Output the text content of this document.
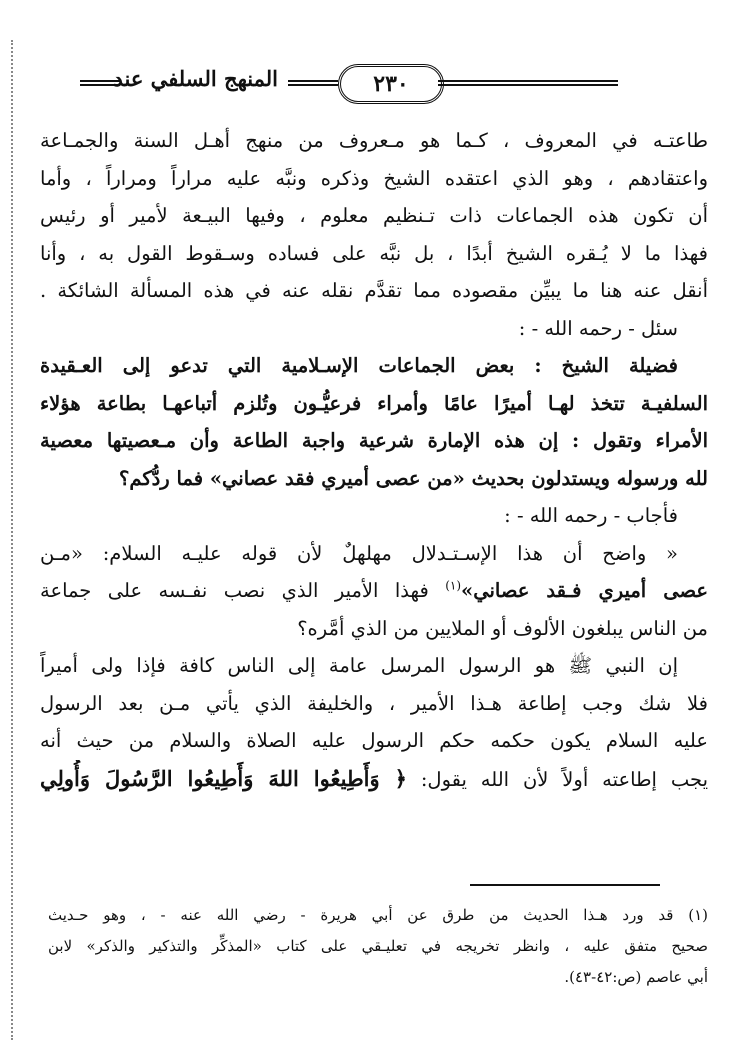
المنهج السلفي عند	٢٣٠
طاعتـه في المعروف ، كـما هو مـعروف من منهج أهـل السنة والجمـاعة
واعتقادهم ، وهو الذي اعتقده الشيخ وذكره ونبَّه عليه مراراً ومراراً ، وأما
أن تكون هذه الجماعات ذات تـنظيم معلوم ، وفيها البيـعة لأمير أو رئيس
فهذا ما لا يُـقره الشيخ أبدًا ، بل نبَّه على فساده وسـقوط القول به ، وأنا
أنقل عنه هنا ما يبيِّن مقصوده مما تقدَّم نقله عنه في هذه المسألة الشائكة .
سئل - رحمه الله - :
فضيلة الشيخ : بعض الجماعات الإسـلامية التي تدعو إلى العـقيدة
السلفيـة تتخذ لهـا أميرًا عامًا وأمراء فرعيُّـون وتُلزم أتباعهـا بطاعة هؤلاء
الأمراء وتقول : إن هذه الإمارة شرعية واجبة الطاعة وأن مـعصيتها معصية
لله ورسوله ويستدلون بحديث «من عصى أميري فقد عصاني» فما ردُّكم؟
فأجاب - رحمه الله - :
« واضح أن هذا الإسـتـدلال مهلهلٌ لأن قوله عليـه السلام: «مـن
عصى أميري فـقد عصاني»$^{(١)}$ فهذا الأمير الذي نصب نفـسه على جماعة
من الناس يبلغون الألوف أو الملايين من الذي أمَّره؟
إن النبي ﷺ هو الرسول المرسل عامة إلى الناس كافة فإذا ولى أميراً
فلا شك وجب إطاعة هـذا الأمير ، والخليفة الذي يأتي مـن بعد الرسول
عليه السلام يكون حكمه حكم الرسول عليه الصلاة والسلام من حيث أنه
يجب إطاعته أولاً لأن الله يقول: ﴿ وَأَطِيعُوا اللهَ وَأَطِيعُوا الرَّسُولَ وَأُولِي
(١) قد ورد هـذا الحديث من طرق عن أبي هريرة - رضي الله عنه - ، وهو حـديث
صحيح متفق عليه ، وانظر تخريجه في تعليـقي على كتاب «المذكِّر والتذكير والذكر» لابن
أبي عاصم (ص:٤٢-٤٣).
